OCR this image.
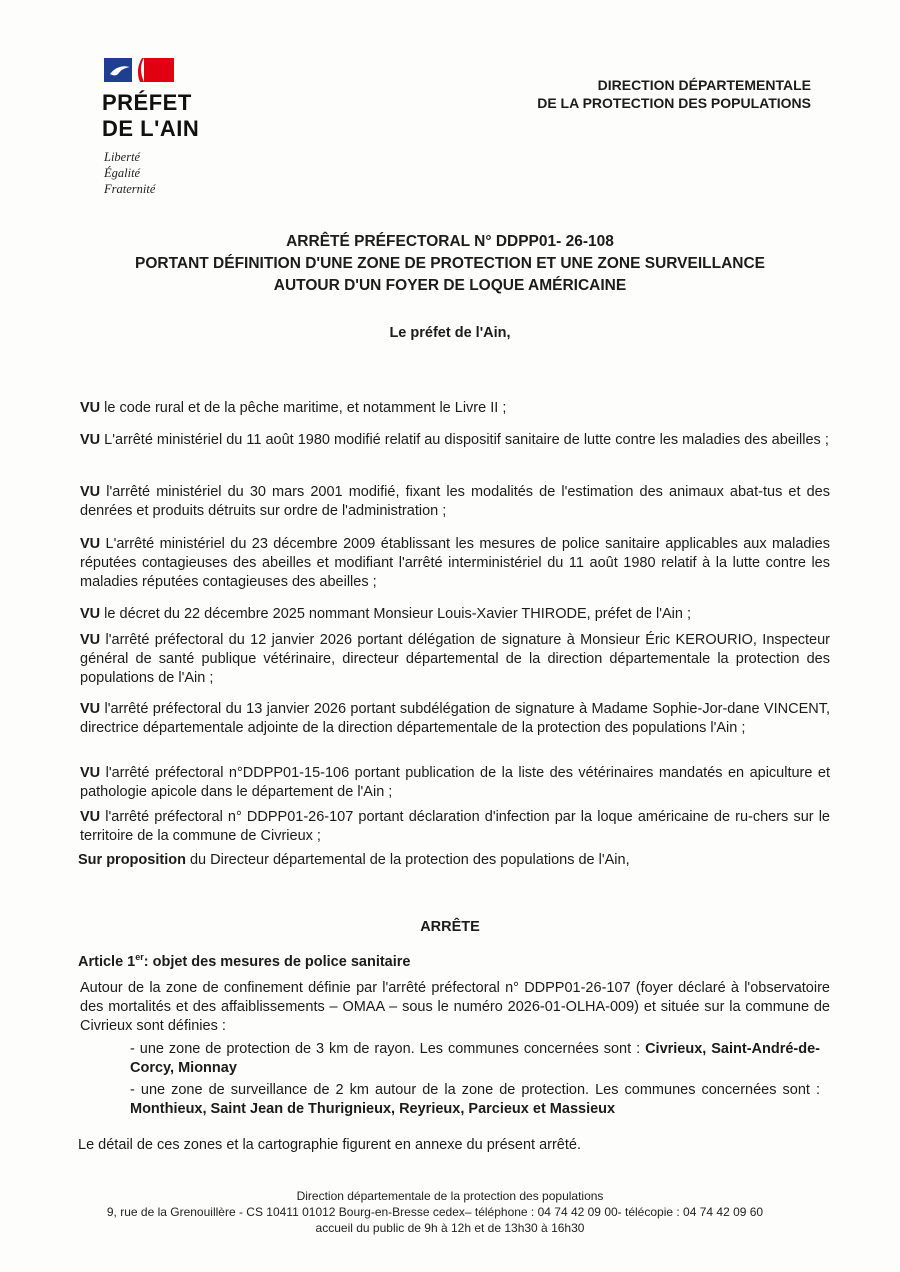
PRÉFET
DE L'AIN
Liberté
Égalité
Fraternité
DIRECTION DÉPARTEMENTALE
DE LA PROTECTION DES POPULATIONS
ARRÊTÉ PRÉFECTORAL N° DDPP01- 26-108
PORTANT DÉFINITION D'UNE ZONE DE PROTECTION ET UNE ZONE SURVEILLANCE
AUTOUR D'UN FOYER DE LOQUE AMÉRICAINE
Le préfet de l'Ain,
VU le code rural et de la pêche maritime, et notamment le Livre II ;
VU L'arrêté ministériel du 11 août 1980 modifié relatif au dispositif sanitaire de lutte contre les maladies des abeilles ;
VU l'arrêté ministériel du 30 mars 2001 modifié, fixant les modalités de l'estimation des animaux abat-tus et des denrées et produits détruits sur ordre de l'administration ;
VU L'arrêté ministériel du 23 décembre 2009 établissant les mesures de police sanitaire applicables aux maladies réputées contagieuses des abeilles et modifiant l'arrêté interministériel du 11 août 1980 relatif à la lutte contre les maladies réputées contagieuses des abeilles ;
VU le décret du 22 décembre 2025 nommant Monsieur Louis-Xavier THIRODE, préfet de l'Ain ;
VU l'arrêté préfectoral du 12 janvier 2026 portant délégation de signature à Monsieur Éric KEROURIO, Inspecteur général de santé publique vétérinaire, directeur départemental de la direction départementale la protection des populations de l'Ain ;
VU l'arrêté préfectoral du 13 janvier 2026 portant subdélégation de signature à Madame Sophie-Jor-dane VINCENT, directrice départementale adjointe de la direction départementale de la protection des populations l'Ain ;
VU l'arrêté préfectoral n°DDPP01-15-106 portant publication de la liste des vétérinaires mandatés en apiculture et pathologie apicole dans le département de l'Ain ;
VU l'arrêté préfectoral n° DDPP01-26-107 portant déclaration d'infection par la loque américaine de ru-chers sur le territoire de la commune de Civrieux ;
Sur proposition du Directeur départemental de la protection des populations de l'Ain,
ARRÊTE
Article 1er: objet des mesures de police sanitaire
Autour de la zone de confinement définie par l'arrêté préfectoral n° DDPP01-26-107 (foyer déclaré à l'observatoire des mortalités et des affaiblissements – OMAA – sous le numéro 2026-01-OLHA-009) et située sur la commune de Civrieux sont définies :
- une zone de protection de 3 km de rayon. Les communes concernées sont : Civrieux, Saint-André-de-Corcy, Mionnay
- une zone de surveillance de 2 km autour de la zone de protection. Les communes concernées sont : Monthieux, Saint Jean de Thurignieux, Reyrieux, Parcieux et Massieux
Le détail de ces zones et la cartographie figurent en annexe du présent arrêté.
Direction départementale de la protection des populations
9, rue de la Grenouillère - CS 10411 01012 Bourg-en-Bresse cedex– téléphone : 04 74 42 09 00- télécopie : 04 74 42 09 60
accueil du public de 9h à 12h et de 13h30 à 16h30
